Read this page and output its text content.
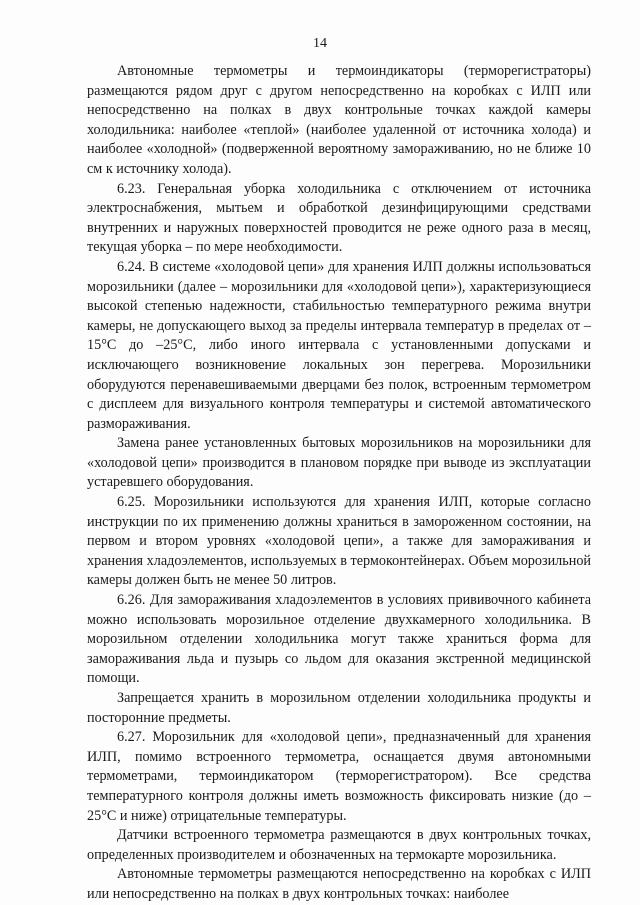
14

Автономные термометры и термоиндикаторы (терморегистраторы) размещаются рядом друг с другом непосредственно на коробках с ИЛП или непосредственно на полках в двух контрольные точках каждой камеры холодильника: наиболее «теплой» (наиболее удаленной от источника холода) и наиболее «холодной» (подверженной вероятному замораживанию, но не ближе 10 см к источнику холода).

6.23. Генеральная уборка холодильника с отключением от источника электроснабжения, мытьем и обработкой дезинфицирующими средствами внутренних и наружных поверхностей проводится не реже одного раза в месяц, текущая уборка – по мере необходимости.

6.24. В системе «холодовой цепи» для хранения ИЛП должны использоваться морозильники (далее – морозильники для «холодовой цепи»), характеризующиеся высокой степенью надежности, стабильностью температурного режима внутри камеры, не допускающего выход за пределы интервала температур в пределах от –15°С до –25°С, либо иного интервала с установленными допусками и исключающего возникновение локальных зон перегрева. Морозильники оборудуются перенавешиваемыми дверцами без полок, встроенным термометром с дисплеем для визуального контроля температуры и системой автоматического размораживания.

Замена ранее установленных бытовых морозильников на морозильники для «холодовой цепи» производится в плановом порядке при выводе из эксплуатации устаревшего оборудования.

6.25. Морозильники используются для хранения ИЛП, которые согласно инструкции по их применению должны храниться в замороженном состоянии, на первом и втором уровнях «холодовой цепи», а также для замораживания и хранения хладоэлементов, используемых в термоконтейнерах. Объем морозильной камеры должен быть не менее 50 литров.

6.26. Для замораживания хладоэлементов в условиях прививочного кабинета можно использовать морозильное отделение двухкамерного холодильника. В морозильном отделении холодильника могут также храниться форма для замораживания льда и пузырь со льдом для оказания экстренной медицинской помощи.

Запрещается хранить в морозильном отделении холодильника продукты и посторонние предметы.

6.27. Морозильник для «холодовой цепи», предназначенный для хранения ИЛП, помимо встроенного термометра, оснащается двумя автономными термометрами, термоиндикатором (терморегистратором). Все средства температурного контроля должны иметь возможность фиксировать низкие (до –25°С и ниже) отрицательные температуры.

Датчики встроенного термометра размещаются в двух контрольных точках, определенных производителем и обозначенных на термокарте морозильника.

Автономные термометры размещаются непосредственно на коробках с ИЛП или непосредственно на полках в двух контрольных точках: наиболее
